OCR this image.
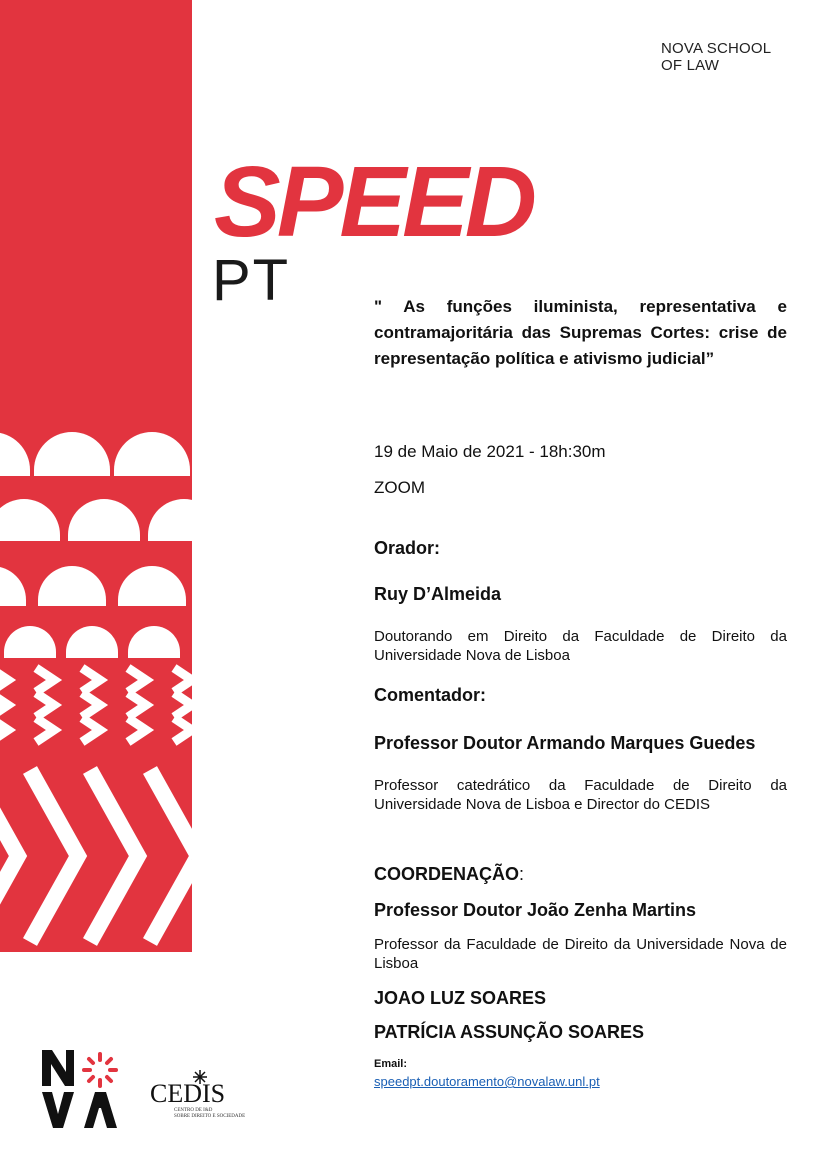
NOVA SCHOOL
OF LAW
SPEED
PT	" As funções iluminista, representativa e contramajoritária das Supremas Cortes: crise de representação política e ativismo judicial”
19 de Maio de 2021 - 18h:30m
ZOOM
Orador:
Ruy D’Almeida
Doutorando em Direito da Faculdade de Direito da Universidade Nova de Lisboa
Comentador:
Professor Doutor Armando Marques Guedes
Professor catedrático da Faculdade de Direito da Universidade Nova de Lisboa e Director do CEDIS
COORDENAÇÃO:
Professor Doutor João Zenha Martins
Professor da Faculdade de Direito da Universidade Nova de Lisboa
JOAO LUZ SOARES
PATRÍCIA ASSUNÇÃO SOARES
Email:
speedpt.doutoramento@novalaw.unl.pt
CEDIS
CENTRO DE I&D
SOBRE DIREITO E SOCIEDADE
